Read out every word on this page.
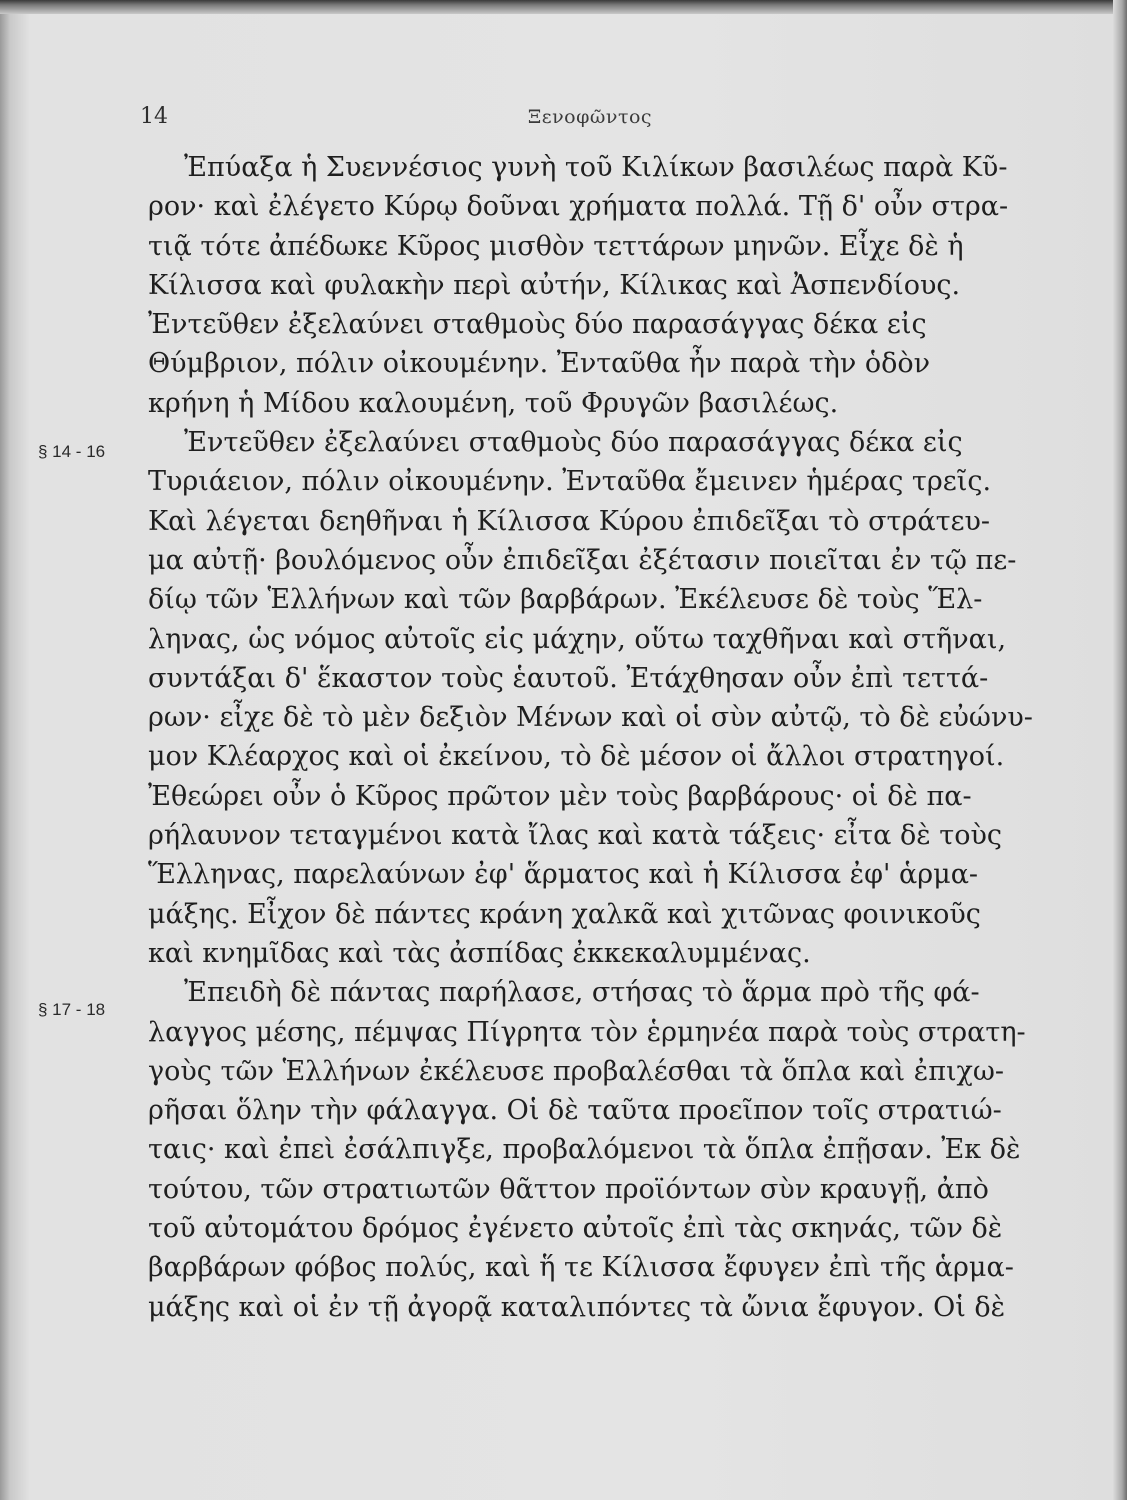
14	Ξενοφῶντος
§ 14 - 16
§ 17 - 18
Ἐπύαξα ἡ Συεννέσιος γυνὴ τοῦ Κιλίκων βασιλέως παρὰ Κῦ-
ρον· καὶ ἐλέγετο Κύρῳ δοῦναι χρήματα πολλά. Τῇ δ' οὖν στρα-
τιᾷ τότε ἀπέδωκε Κῦρος μισθὸν τεττάρων μηνῶν. Εἶχε δὲ ἡ
Κίλισσα καὶ φυλακὴν περὶ αὐτήν, Κίλικας καὶ Ἀσπενδίους.
Ἐντεῦθεν ἐξελαύνει σταθμοὺς δύο παρασάγγας δέκα εἰς
Θύμβριον, πόλιν οἰκουμένην. Ἐνταῦθα ἦν παρὰ τὴν ὁδὸν
κρήνη ἡ Μίδου καλουμένη, τοῦ Φρυγῶν βασιλέως.
Ἐντεῦθεν ἐξελαύνει σταθμοὺς δύο παρασάγγας δέκα εἰς
Τυριάειον, πόλιν οἰκουμένην. Ἐνταῦθα ἔμεινεν ἡμέρας τρεῖς.
Καὶ λέγεται δεηθῆναι ἡ Κίλισσα Κύρου ἐπιδεῖξαι τὸ στράτευ-
μα αὐτῇ· βουλόμενος οὖν ἐπιδεῖξαι ἐξέτασιν ποιεῖται ἐν τῷ πε-
δίῳ τῶν Ἑλλήνων καὶ τῶν βαρβάρων. Ἐκέλευσε δὲ τοὺς Ἕλ-
ληνας, ὡς νόμος αὐτοῖς εἰς μάχην, οὕτω ταχθῆναι καὶ στῆναι,
συντάξαι δ' ἕκαστον τοὺς ἑαυτοῦ. Ἐτάχθησαν οὖν ἐπὶ τεττά-
ρων· εἶχε δὲ τὸ μὲν δεξιὸν Μένων καὶ οἱ σὺν αὐτῷ, τὸ δὲ εὐώνυ-
μον Κλέαρχος καὶ οἱ ἐκείνου, τὸ δὲ μέσον οἱ ἄλλοι στρατηγοί.
Ἐθεώρει οὖν ὁ Κῦρος πρῶτον μὲν τοὺς βαρβάρους· οἱ δὲ πα-
ρήλαυνον τεταγμένοι κατὰ ἴλας καὶ κατὰ τάξεις· εἶτα δὲ τοὺς
Ἕλληνας, παρελαύνων ἐφ' ἅρματος καὶ ἡ Κίλισσα ἐφ' ἁρμα-
μάξης. Εἶχον δὲ πάντες κράνη χαλκᾶ καὶ χιτῶνας φοινικοῦς
καὶ κνημῖδας καὶ τὰς ἀσπίδας ἐκκεκαλυμμένας.
Ἐπειδὴ δὲ πάντας παρήλασε, στήσας τὸ ἅρμα πρὸ τῆς φά-
λαγγος μέσης, πέμψας Πίγρητα τὸν ἑρμηνέα παρὰ τοὺς στρατη-
γοὺς τῶν Ἑλλήνων ἐκέλευσε προβαλέσθαι τὰ ὅπλα καὶ ἐπιχω-
ρῆσαι ὅλην τὴν φάλαγγα. Οἱ δὲ ταῦτα προεῖπον τοῖς στρατιώ-
ταις· καὶ ἐπεὶ ἐσάλπιγξε, προβαλόμενοι τὰ ὅπλα ἐπῇσαν. Ἐκ δὲ
τούτου, τῶν στρατιωτῶν θᾶττον προϊόντων σὺν κραυγῇ, ἀπὸ
τοῦ αὐτομάτου δρόμος ἐγένετο αὐτοῖς ἐπὶ τὰς σκηνάς, τῶν δὲ
βαρβάρων φόβος πολύς, καὶ ἥ τε Κίλισσα ἔφυγεν ἐπὶ τῆς ἁρμα-
μάξης καὶ οἱ ἐν τῇ ἀγορᾷ καταλιπόντες τὰ ὤνια ἔφυγον. Οἱ δὲ
